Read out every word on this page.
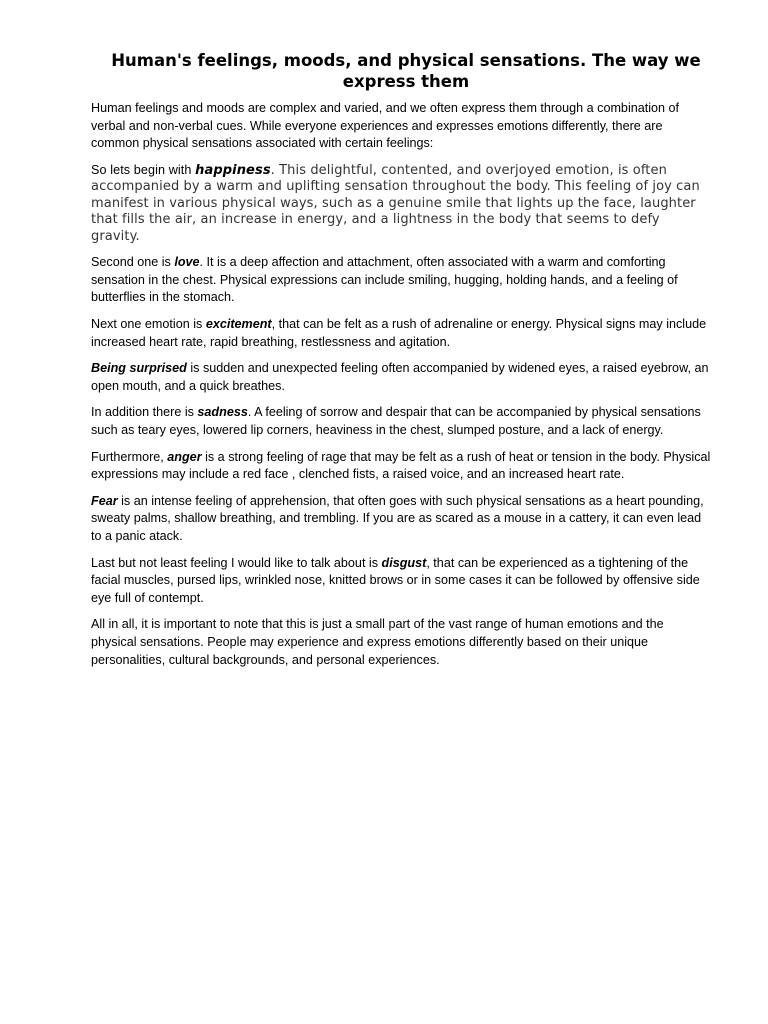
Human's feelings, moods, and physical sensations. The way we express them

Human feelings and moods are complex and varied, and we often express them through a combination of verbal and non-verbal cues. While everyone experiences and expresses emotions differently, there are common physical sensations associated with certain feelings:

So lets begin with happiness. This delightful, contented, and overjoyed emotion, is often accompanied by a warm and uplifting sensation throughout the body. This feeling of joy can manifest in various physical ways, such as a genuine smile that lights up the face, laughter that fills the air, an increase in energy, and a lightness in the body that seems to defy gravity.

Second one is love. It is a deep affection and attachment, often associated with a warm and comforting sensation in the chest. Physical expressions can include smiling, hugging, holding hands, and a feeling of butterflies in the stomach.

Next one emotion is excitement, that can be felt as a rush of adrenaline or energy. Physical signs may include increased heart rate, rapid breathing, restlessness and agitation.

Being surprised is sudden and unexpected feeling often accompanied by widened eyes, a raised eyebrow, an open mouth, and a quick breathes.

In addition there is sadness. A feeling of sorrow and despair that can be accompanied by physical sensations such as teary eyes, lowered lip corners, heaviness in the chest, slumped posture, and a lack of energy.

Furthermore, anger is a strong feeling of rage that may be felt as a rush of heat or tension in the body. Physical expressions may include a red face , clenched fists, a raised voice, and an increased heart rate.

Fear is an intense feeling of apprehension, that often goes with such physical sensations as a heart pounding, sweaty palms, shallow breathing, and trembling. If you are as scared as a mouse in a cattery, it can even lead to a panic atack.

Last but not least feeling I would like to talk about is disgust, that can be experienced as a tightening of the facial muscles, pursed lips, wrinkled nose, knitted brows or in some cases it can be followed by offensive side eye full of contempt.

All in all, it is important to note that this is just a small part of the vast range of human emotions and the physical sensations. People may experience and express emotions differently based on their unique personalities, cultural backgrounds, and personal experiences.
